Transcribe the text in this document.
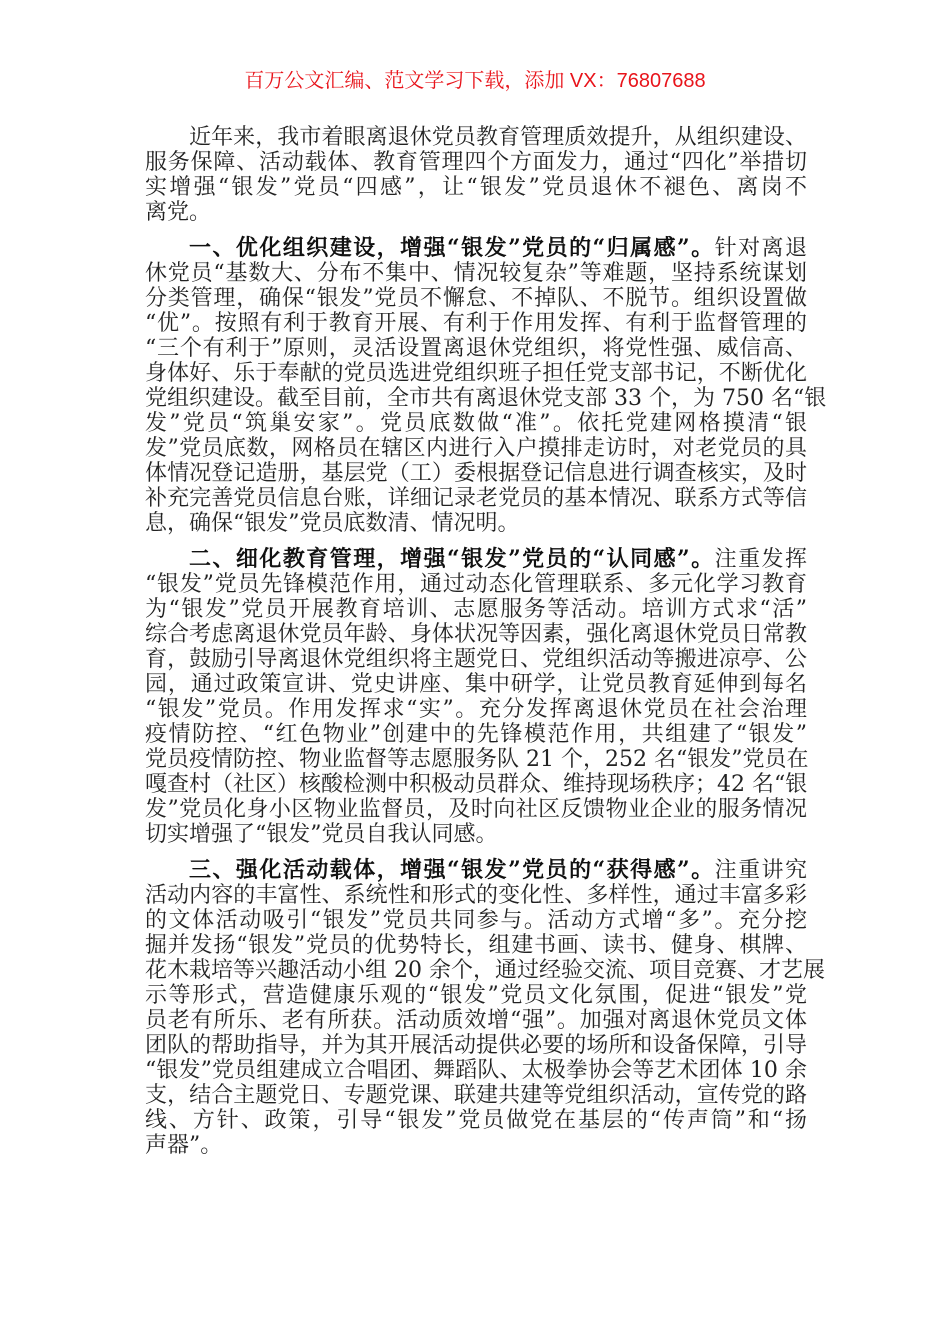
百万公文汇编、范文学习下载，添加 VX：76807688
近年来，我市着眼离退休党员教育管理质效提升，从组织建设、
服务保障、活动载体、教育管理四个方面发力，通过“四化”举措切
实增强“银发”党员“四感”，让“银发”党员退休不褪色、离岗不
离党。
一、优化组织建设，增强“银发”党员的“归属感”。针对离退
休党员“基数大、分布不集中、情况较复杂”等难题，坚持系统谋划
分类管理，确保“银发”党员不懈怠、不掉队、不脱节。组织设置做
“优”。按照有利于教育开展、有利于作用发挥、有利于监督管理的
“三个有利于”原则，灵活设置离退休党组织，将党性强、威信高、
身体好、乐于奉献的党员选进党组织班子担任党支部书记，不断优化
党组织建设。截至目前，全市共有离退休党支部 33 个，为 750 名“银
发”党员“筑巢安家”。党员底数做“准”。依托党建网格摸清“银
发”党员底数，网格员在辖区内进行入户摸排走访时，对老党员的具
体情况登记造册，基层党（工）委根据登记信息进行调查核实，及时
补充完善党员信息台账，详细记录老党员的基本情况、联系方式等信
息，确保“银发”党员底数清、情况明。
二、细化教育管理，增强“银发”党员的“认同感”。注重发挥
“银发”党员先锋模范作用，通过动态化管理联系、多元化学习教育
为“银发”党员开展教育培训、志愿服务等活动。培训方式求“活”
综合考虑离退休党员年龄、身体状况等因素，强化离退休党员日常教
育，鼓励引导离退休党组织将主题党日、党组织活动等搬进凉亭、公
园，通过政策宣讲、党史讲座、集中研学，让党员教育延伸到每名
“银发”党员。作用发挥求“实”。充分发挥离退休党员在社会治理
疫情防控、“红色物业”创建中的先锋模范作用，共组建了“银发”
党员疫情防控、物业监督等志愿服务队 21 个，252 名“银发”党员在
嘎查村（社区）核酸检测中积极动员群众、维持现场秩序；42 名“银
发”党员化身小区物业监督员，及时向社区反馈物业企业的服务情况
切实增强了“银发”党员自我认同感。
三、强化活动载体，增强“银发”党员的“获得感”。注重讲究
活动内容的丰富性、系统性和形式的变化性、多样性，通过丰富多彩
的文体活动吸引“银发”党员共同参与。活动方式增“多”。充分挖
掘并发扬“银发”党员的优势特长，组建书画、读书、健身、棋牌、
花木栽培等兴趣活动小组 20 余个，通过经验交流、项目竞赛、才艺展
示等形式，营造健康乐观的“银发”党员文化氛围，促进“银发”党
员老有所乐、老有所获。活动质效增“强”。加强对离退休党员文体
团队的帮助指导，并为其开展活动提供必要的场所和设备保障，引导
“银发”党员组建成立合唱团、舞蹈队、太极拳协会等艺术团体 10 余
支，结合主题党日、专题党课、联建共建等党组织活动，宣传党的路
线、方针、政策，引导“银发”党员做党在基层的“传声筒”和“扬
声器”。
